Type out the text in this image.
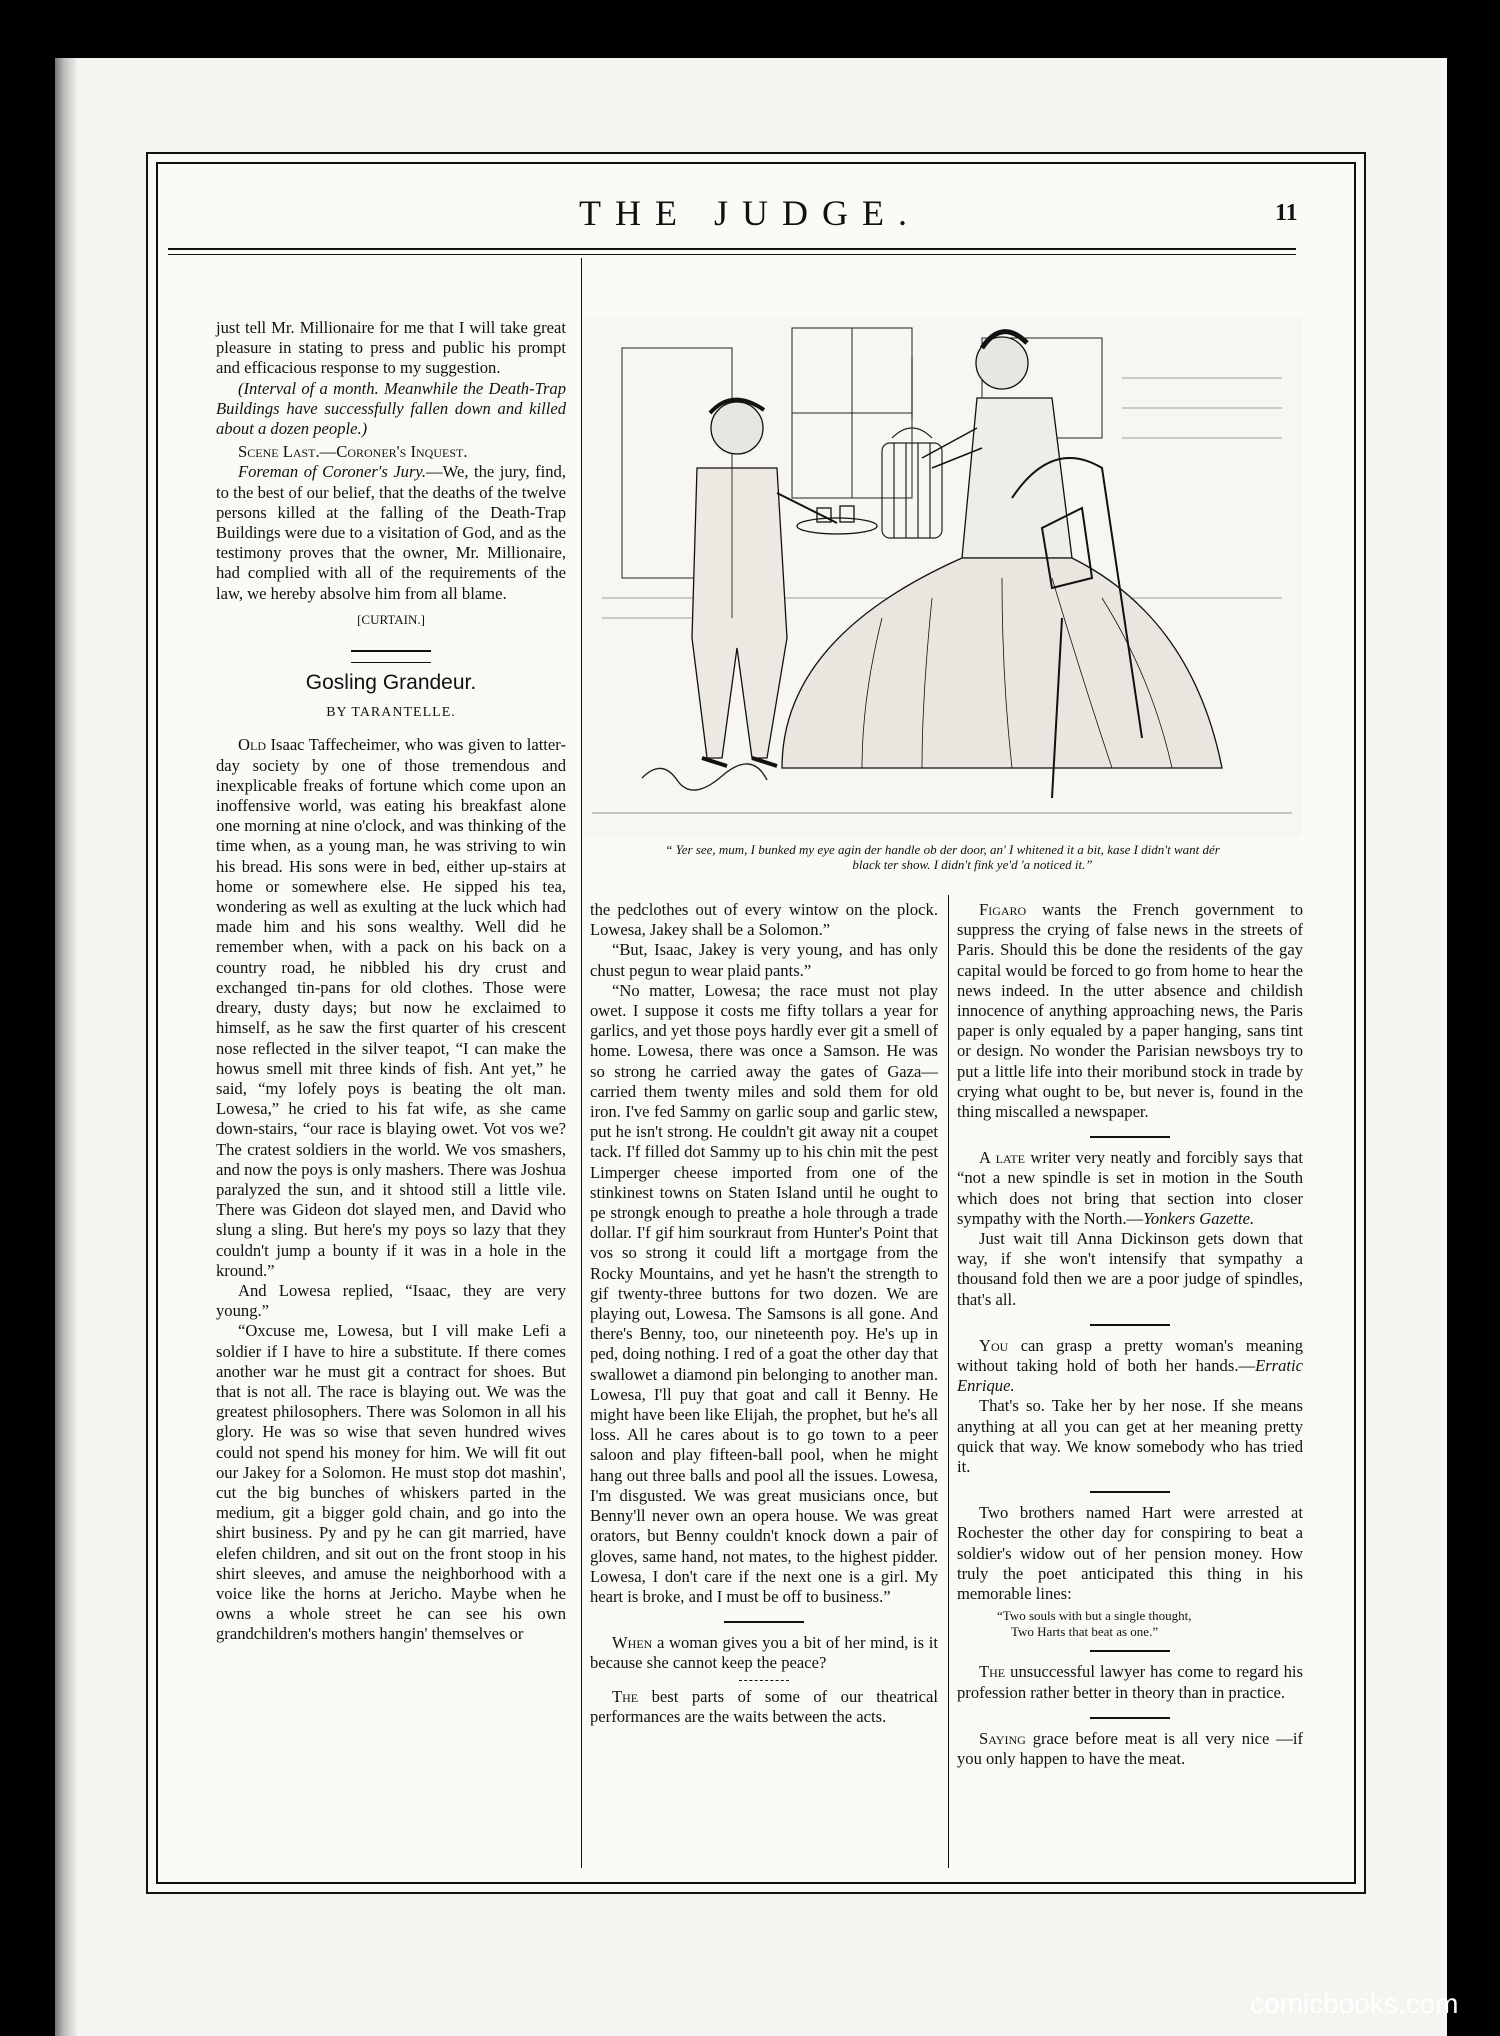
THE JUDGE.	11

just tell Mr. Millionaire for me that I will take great pleasure in stating to press and public his prompt and efficacious response to my suggestion.

(Interval of a month. Meanwhile the Death-Trap Buildings have successfully fallen down and killed about a dozen people.)

Scene Last.—Coroner's Inquest.

Foreman of Coroner's Jury.—We, the jury, find, to the best of our belief, that the deaths of the twelve persons killed at the falling of the Death-Trap Buildings were due to a visitation of God, and as the testimony proves that the owner, Mr. Millionaire, had complied with all of the requirements of the law, we hereby absolve him from all blame.

[CURTAIN.]

Gosling Grandeur.
BY TARANTELLE.

Old Isaac Taffecheimer, who was given to latter-day society by one of those tremendous and inexplicable freaks of fortune which come upon an inoffensive world, was eating his breakfast alone one morning at nine o'clock, and was thinking of the time when, as a young man, he was striving to win his bread. His sons were in bed, either up-stairs at home or somewhere else. He sipped his tea, wondering as well as exulting at the luck which had made him and his sons wealthy. Well did he remember when, with a pack on his back on a country road, he nibbled his dry crust and exchanged tin-pans for old clothes. Those were dreary, dusty days; but now he exclaimed to himself, as he saw the first quarter of his crescent nose reflected in the silver teapot, “I can make the howus smell mit three kinds of fish. Ant yet,” he said, “my lofely poys is beating the olt man. Lowesa,” he cried to his fat wife, as she came down-stairs, “our race is blaying owet. Vot vos we? The cratest soldiers in the world. We vos smashers, and now the poys is only mashers. There was Joshua paralyzed the sun, and it shtood still a little vile. There was Gideon dot slayed men, and David who slung a sling. But here's my poys so lazy that they couldn't jump a bounty if it was in a hole in the kround.”

And Lowesa replied, “Isaac, they are very young.”

“Oxcuse me, Lowesa, but I vill make Lefi a soldier if I have to hire a substitute. If there comes another war he must git a contract for shoes. But that is not all. The race is blaying out. We was the greatest philosophers. There was Solomon in all his glory. He was so wise that seven hundred wives could not spend his money for him. We will fit out our Jakey for a Solomon. He must stop dot mashin', cut the big bunches of whiskers parted in the medium, git a bigger gold chain, and go into the shirt business. Py and py he can git married, have elefen children, and sit out on the front stoop in his shirt sleeves, and amuse the neighborhood with a voice like the horns at Jericho. Maybe when he owns a whole street he can see his own grandchildren's mothers hangin' themselves or

“ Yer see, mum, I bunked my eye agin der handle ob der door, an' I whitened it a bit, kase I didn't want dér
black ter show. I didn't fink ye'd 'a noticed it.”

the pedclothes out of every wintow on the plock. Lowesa, Jakey shall be a Solomon.”

“But, Isaac, Jakey is very young, and has only chust pegun to wear plaid pants.”

“No matter, Lowesa; the race must not play owet. I suppose it costs me fifty tollars a year for garlics, and yet those poys hardly ever git a smell of home. Lowesa, there was once a Samson. He was so strong he carried away the gates of Gaza—carried them twenty miles and sold them for old iron. I've fed Sammy on garlic soup and garlic stew, put he isn't strong. He couldn't git away nit a coupet tack. I'f filled dot Sammy up to his chin mit the pest Limperger cheese imported from one of the stinkinest towns on Staten Island until he ought to pe strongk enough to preathe a hole through a trade dollar. I'f gif him sourkraut from Hunter's Point that vos so strong it could lift a mortgage from the Rocky Mountains, and yet he hasn't the strength to gif twenty-three buttons for two dozen. We are playing out, Lowesa. The Samsons is all gone. And there's Benny, too, our nineteenth poy. He's up in ped, doing nothing. I red of a goat the other day that swallowet a diamond pin belonging to another man. Lowesa, I'll puy that goat and call it Benny. He might have been like Elijah, the prophet, but he's all loss. All he cares about is to go town to a peer saloon and play fifteen-ball pool, when he might hang out three balls and pool all the issues. Lowesa, I'm disgusted. We was great musicians once, but Benny'll never own an opera house. We was great orators, but Benny couldn't knock down a pair of gloves, same hand, not mates, to the highest pidder. Lowesa, I don't care if the next one is a girl. My heart is broke, and I must be off to business.”

When a woman gives you a bit of her mind, is it because she cannot keep the peace?

The best parts of some of our theatrical performances are the waits between the acts.

Figaro wants the French government to suppress the crying of false news in the streets of Paris. Should this be done the residents of the gay capital would be forced to go from home to hear the news indeed. In the utter absence and childish innocence of anything approaching news, the Paris paper is only equaled by a paper hanging, sans tint or design. No wonder the Parisian newsboys try to put a little life into their moribund stock in trade by crying what ought to be, but never is, found in the thing miscalled a newspaper.

A late writer very neatly and forcibly says that “not a new spindle is set in motion in the South which does not bring that section into closer sympathy with the North.—Yonkers Gazette.

Just wait till Anna Dickinson gets down that way, if she won't intensify that sympathy a thousand fold then we are a poor judge of spindles, that's all.

You can grasp a pretty woman's meaning without taking hold of both her hands.—Erratic Enrique.

That's so. Take her by her nose. If she means anything at all you can get at her meaning pretty quick that way. We know somebody who has tried it.

Two brothers named Hart were arrested at Rochester the other day for conspiring to beat a soldier's widow out of her pension money. How truly the poet anticipated this thing in his memorable lines:

“Two souls with but a single thought,
Two Harts that beat as one.”

The unsuccessful lawyer has come to regard his profession rather better in theory than in practice.

Saying grace before meat is all very nice —if you only happen to have the meat.

comicbooks.com
